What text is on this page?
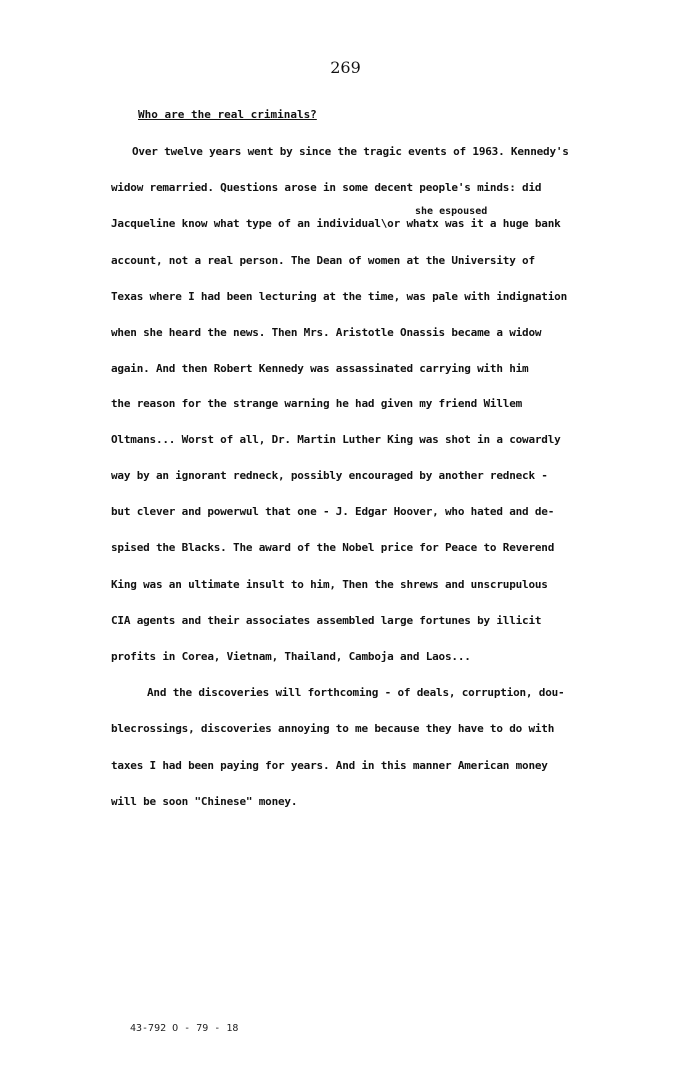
269
Who are the real criminals?
she espoused
Over twelve years went by since the tragic events of 1963. Kennedy's
widow remarried. Questions arose in some decent people's minds: did
Jacqueline know what type of an individual\or whatx was it a huge bank
account, not a real person. The Dean of women at the University of
Texas where I had been lecturing at the time, was pale with indignation
when she heard the news. Then Mrs. Aristotle Onassis became a widow
again. And then Robert Kennedy was assassinated carrying with him
the reason for the strange warning he had given my friend Willem
Oltmans... Worst of all, Dr. Martin Luther King was shot in a cowardly
way by an ignorant redneck, possibly encouraged by another redneck -
but clever and powerwul that one - J. Edgar Hoover, who hated and de-
spised the Blacks. The award of the Nobel price for Peace to Reverend
King was an ultimate insult to him, Then the shrews and unscrupulous
CIA agents and their associates assembled large fortunes by illicit
profits in Corea, Vietnam, Thailand, Camboja and Laos...
And the discoveries will forthcoming - of deals, corruption, dou-
blecrossings, discoveries annoying to me because they have to do with
taxes I had been paying for years. And in this manner American money
will be soon "Chinese" money.
43-792 O - 79 - 18
